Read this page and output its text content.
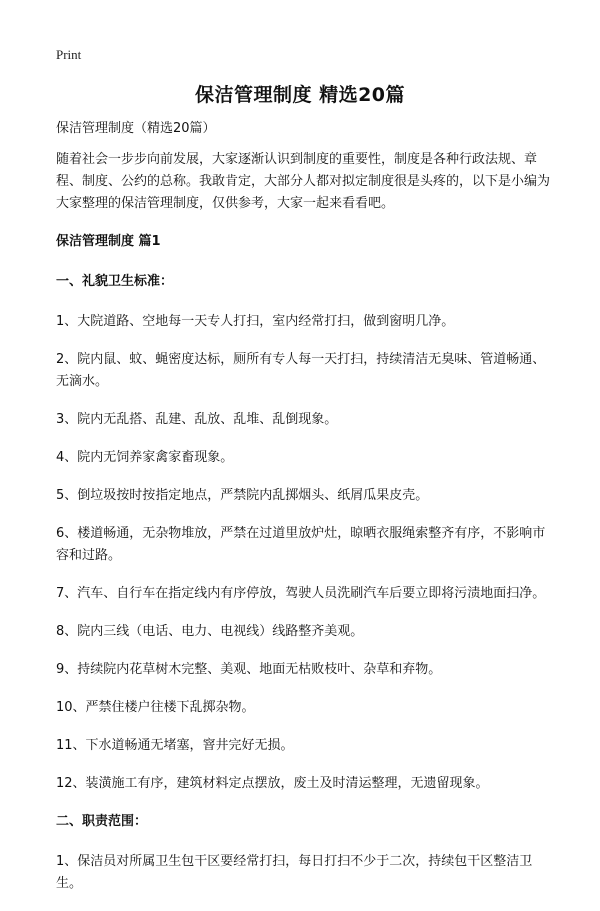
Print
保洁管理制度 精选20篇

保洁管理制度（精选20篇）

随着社会一步步向前发展，大家逐渐认识到制度的重要性，制度是各种行政法规、章程、制度、公约的总称。我敢肯定，大部分人都对拟定制度很是头疼的，以下是小编为大家整理的保洁管理制度，仅供参考，大家一起来看看吧。

保洁管理制度 篇1

一、礼貌卫生标准：

1、大院道路、空地每一天专人打扫，室内经常打扫，做到窗明几净。

2、院内鼠、蚊、蝇密度达标，厕所有专人每一天打扫，持续清洁无臭味、管道畅通、无滴水。

3、院内无乱搭、乱建、乱放、乱堆、乱倒现象。

4、院内无饲养家禽家畜现象。

5、倒垃圾按时按指定地点，严禁院内乱掷烟头、纸屑瓜果皮壳。

6、楼道畅通，无杂物堆放，严禁在过道里放炉灶，晾晒衣服绳索整齐有序，不影响市容和过路。

7、汽车、自行车在指定线内有序停放，驾驶人员洗刷汽车后要立即将污渍地面扫净。

8、院内三线（电话、电力、电视线）线路整齐美观。

9、持续院内花草树木完整、美观、地面无枯败枝叶、杂草和弃物。

10、严禁住楼户往楼下乱掷杂物。

11、下水道畅通无堵塞，窨井完好无损。

12、装潢施工有序，建筑材料定点摆放，废土及时清运整理，无遗留现象。

二、职责范围：

1、保洁员对所属卫生包干区要经常打扫，每日打扫不少于二次，持续包干区整洁卫生。
